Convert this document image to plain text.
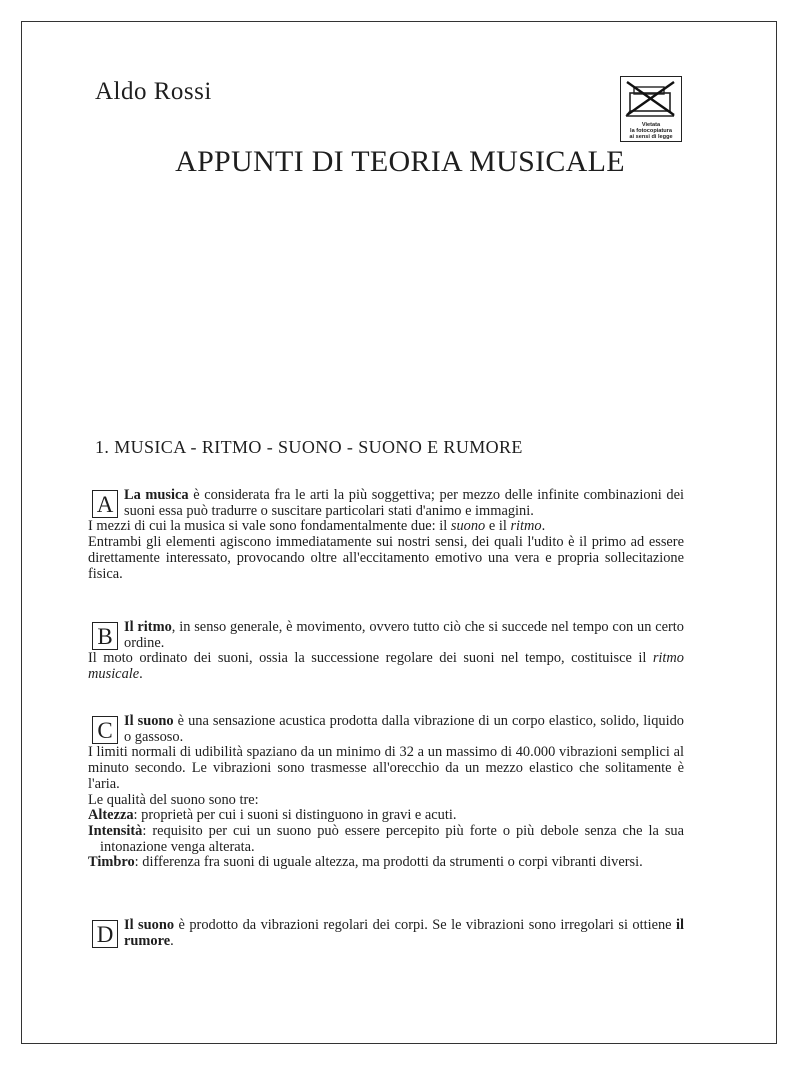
Aldo Rossi
Vietata
la fotocopiatura
ai sensi di legge
APPUNTI DI TEORIA MUSICALE
1. MUSICA - RITMO - SUONO - SUONO E RUMORE

A La musica è considerata fra le arti la più soggettiva; per mezzo delle infinite combinazioni dei suoni essa può tradurre o suscitare particolari stati d'animo e immagini.

I mezzi di cui la musica si vale sono fondamentalmente due: il suono e il ritmo.

Entrambi gli elementi agiscono immediatamente sui nostri sensi, dei quali l'udito è il primo ad essere direttamente interessato, provocando oltre all'eccitamento emotivo una vera e propria sollecitazione fisica.

B Il ritmo, in senso generale, è movimento, ovvero tutto ciò che si succede nel tempo con un certo ordine.

Il moto ordinato dei suoni, ossia la successione regolare dei suoni nel tempo, costituisce il ritmo musicale.

C Il suono è una sensazione acustica prodotta dalla vibrazione di un corpo elastico, solido, liquido o gassoso.

I limiti normali di udibilità spaziano da un minimo di 32 a un massimo di 40.000 vibrazioni semplici al minuto secondo. Le vibrazioni sono trasmesse all'orecchio da un mezzo elastico che solitamente è l'aria.

Le qualità del suono sono tre:

Altezza: proprietà per cui i suoni si distinguono in gravi e acuti.

Intensità: requisito per cui un suono può essere percepito più forte o più debole senza che la sua intonazione venga alterata.

Timbro: differenza fra suoni di uguale altezza, ma prodotti da strumenti o corpi vibranti diversi.

D Il suono è prodotto da vibrazioni regolari dei corpi. Se le vibrazioni sono irregolari si ottiene il rumore.
